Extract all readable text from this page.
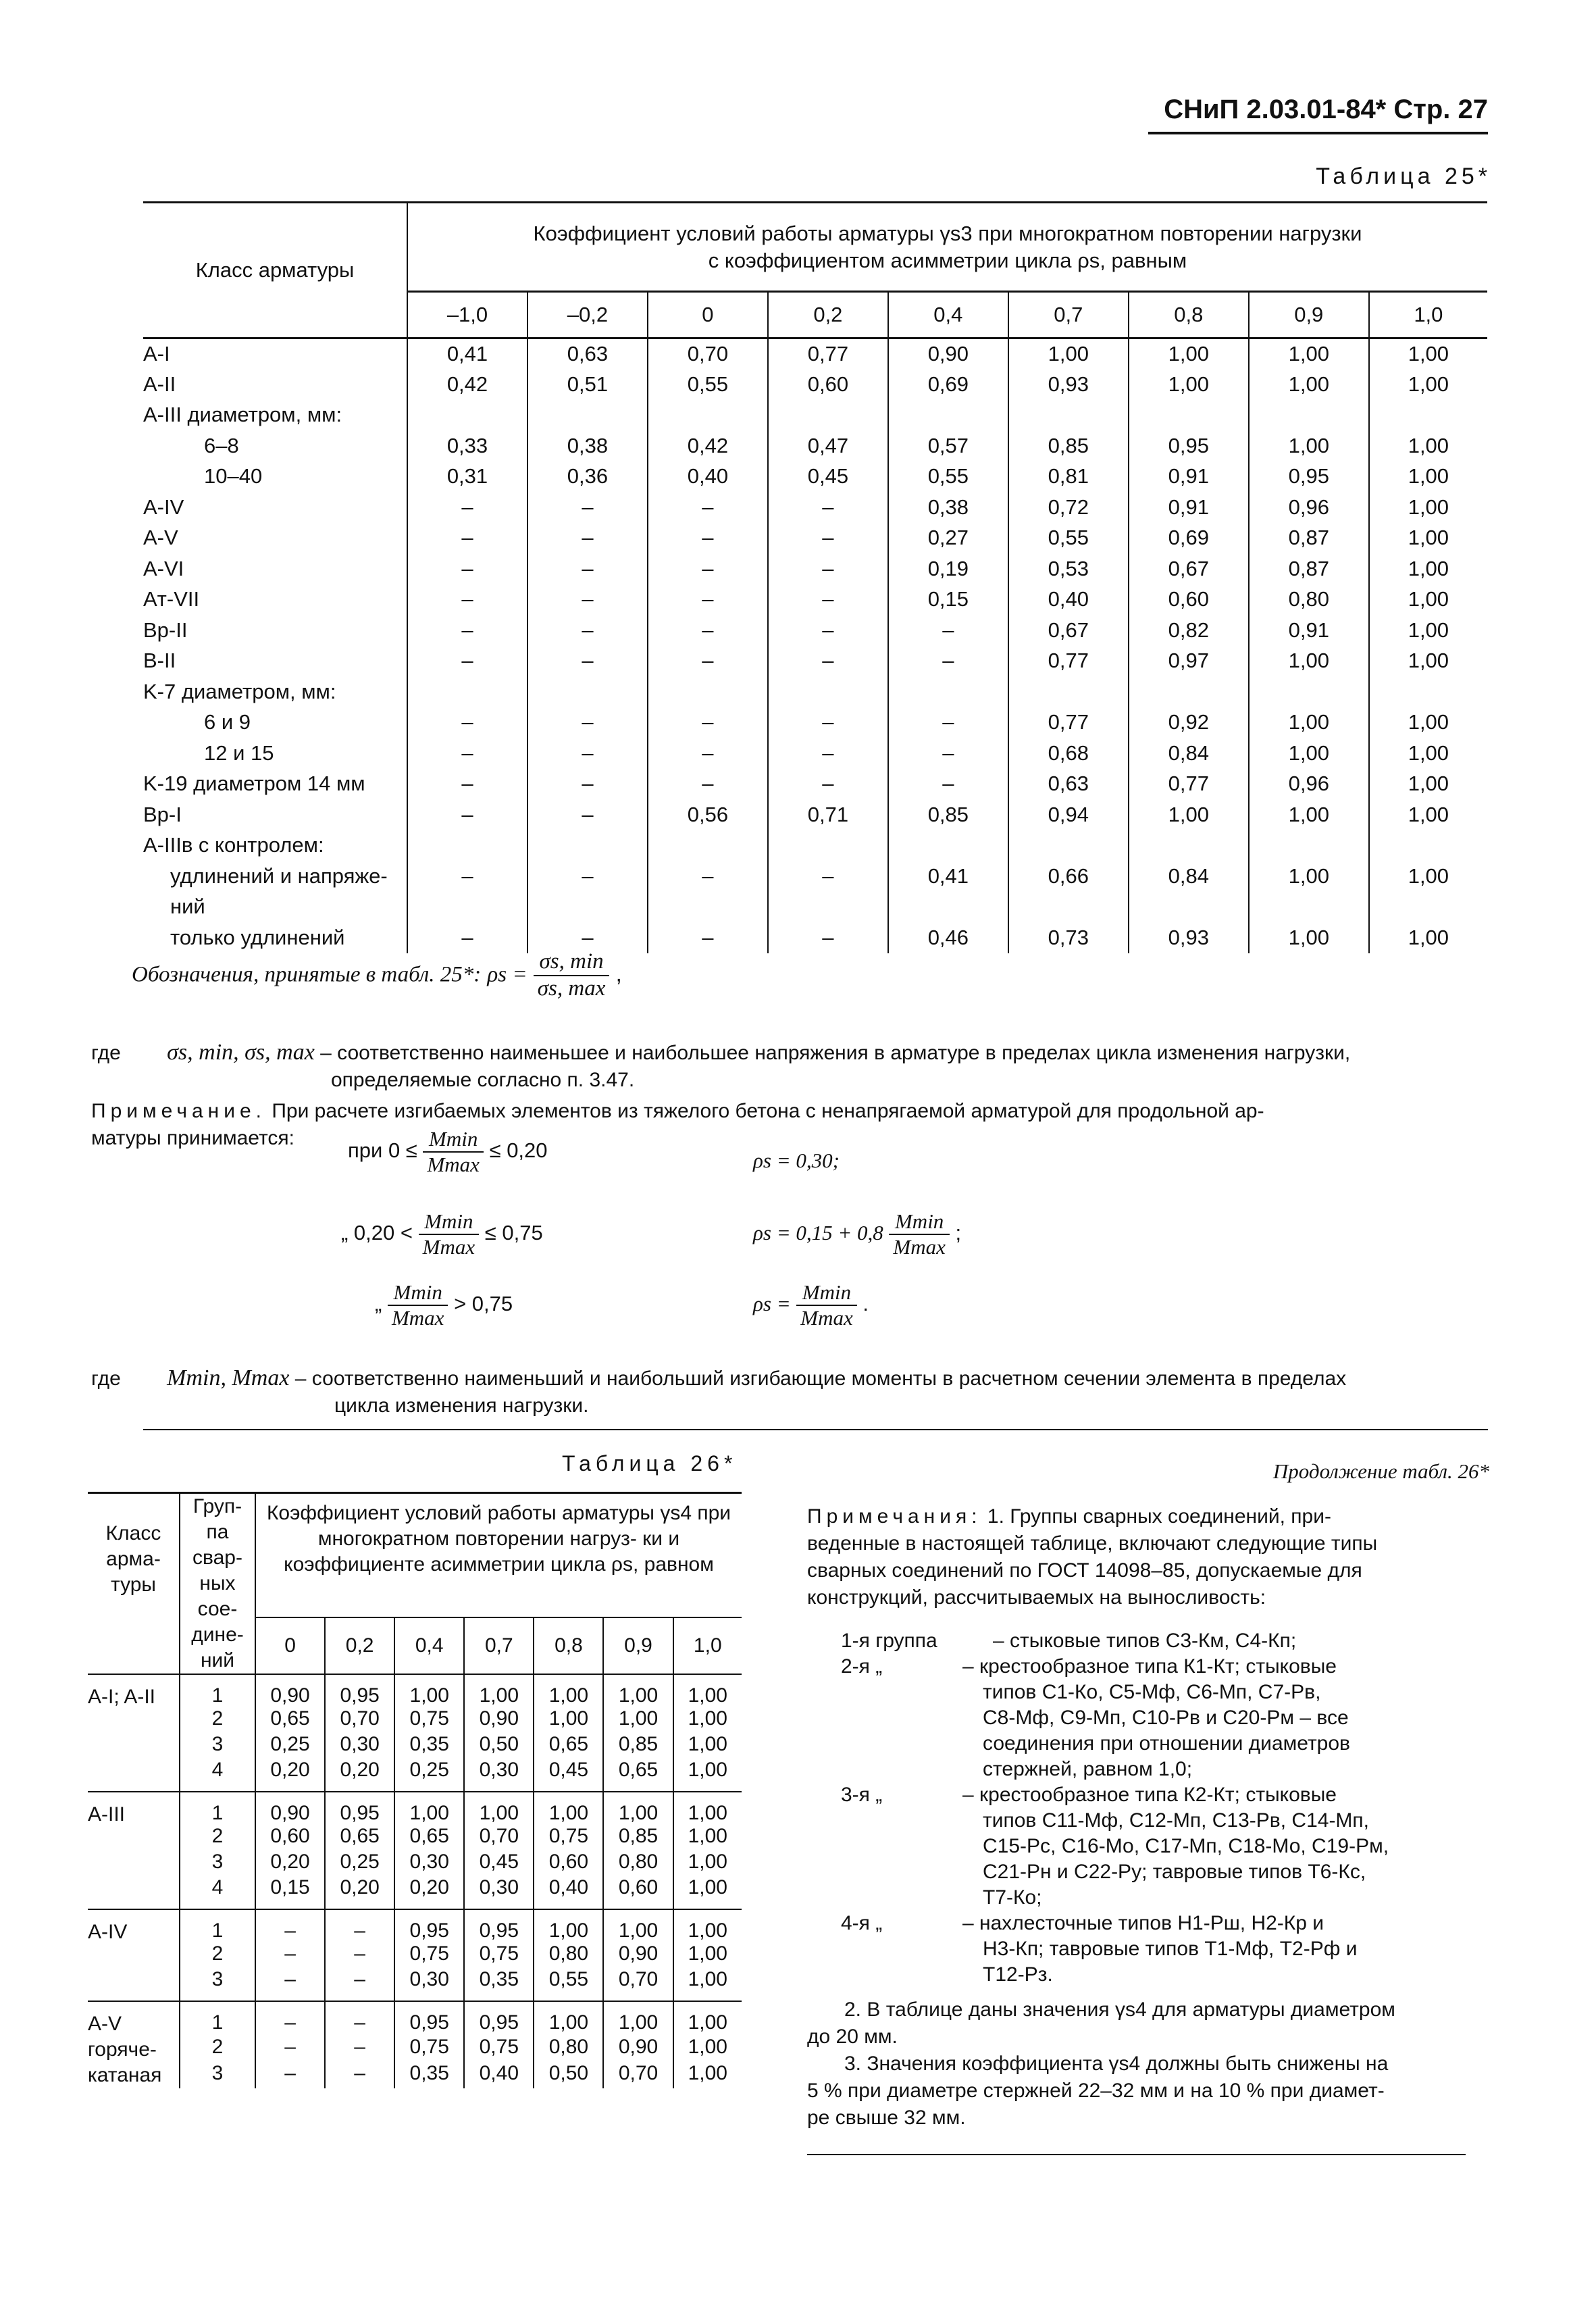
СНиП 2.03.01-84* Стр. 27
Таблица 25*
Класс арматуры	Коэффициент условий работы арматуры γs3 при многократном повторении нагрузки
с коэффициентом асимметрии цикла ρs, равным								

	–1,0	–0,2	0	0,2	0,4	0,7	0,8	0,9	1,0
A-I	0,41	0,63	0,70	0,77	0,90	1,00	1,00	1,00	1,00
A-II	0,42	0,51	0,55	0,60	0,69	0,93	1,00	1,00	1,00
A-III диаметром, мм:									
6–8	0,33	0,38	0,42	0,47	0,57	0,85	0,95	1,00	1,00
10–40	0,31	0,36	0,40	0,45	0,55	0,81	0,91	0,95	1,00
A-IV	–	–	–	–	0,38	0,72	0,91	0,96	1,00
A-V	–	–	–	–	0,27	0,55	0,69	0,87	1,00
A-VI	–	–	–	–	0,19	0,53	0,67	0,87	1,00
Aт-VII	–	–	–	–	0,15	0,40	0,60	0,80	1,00
Bp-II	–	–	–	–	–	0,67	0,82	0,91	1,00
B-II	–	–	–	–	–	0,77	0,97	1,00	1,00
K-7 диаметром, мм:									
6 и 9	–	–	–	–	–	0,77	0,92	1,00	1,00
12 и 15	–	–	–	–	–	0,68	0,84	1,00	1,00
K-19 диаметром 14 мм	–	–	–	–	–	0,63	0,77	0,96	1,00
Bp-I	–	–	0,56	0,71	0,85	0,94	1,00	1,00	1,00
A-IIIв с контролем:									
удлинений и напряже-	–	–	–	–	0,41	0,66	0,84	1,00	1,00
ний									
только удлинений	–	–	–	–	0,46	0,73	0,93	1,00	1,00
Обозначения, принятые в табл. 25*: $\rho s = \frac{\sigma s, \min}{\sigma s, \max}$ ,
где σs, min, σs, max – соответственно наименьшее и наибольшее напряжения в арматуре в пределах цикла изменения нагрузки,
определяемые согласно п. 3.47.
Примечание. При расчете изгибаемых элементов из тяжелого бетона с ненапрягаемой арматурой для продольной ар-
матуры принимается:
при $0 \le \frac{Mmin}{Mmax} \le 0,20$	ρs = 0,30;
„ $0,20 < \frac{Mmin}{Mmax} \le 0,75$	$\rho s = 0,15 + 0,8 \frac{Mmin}{Mmax}$ ;
„ $\frac{Mmin}{Mmax} > 0,75$	$\rho s = \frac{Mmin}{Mmax}$ .
где Mmin, Mmax – соответственно наименьший и наибольший изгибающие моменты в расчетном сечении элемента в пределах
цикла изменения нагрузки.
Таблица 26*	Продолжение табл. 26*
Класс арма- туры	Груп- па свар- ных сое- дине- ний	Коэффициент условий работы арматуры γs4 при многократном повторении нагруз- ки и коэффициенте асимметрии цикла ρs, равном						
		0	0,2	0,4	0,7	0,8	0,9	1,0
A-I; A-II	1	0,90	0,95	1,00	1,00	1,00	1,00	1,00
	2	0,65	0,70	0,75	0,90	1,00	1,00	1,00
	3	0,25	0,30	0,35	0,50	0,65	0,85	1,00
	4	0,20	0,20	0,25	0,30	0,45	0,65	1,00
A-III	1	0,90	0,95	1,00	1,00	1,00	1,00	1,00
	2	0,60	0,65	0,65	0,70	0,75	0,85	1,00
	3	0,20	0,25	0,30	0,45	0,60	0,80	1,00
	4	0,15	0,20	0,20	0,30	0,40	0,60	1,00
A-IV	1	–	–	0,95	0,95	1,00	1,00	1,00
	2	–	–	0,75	0,75	0,80	0,90	1,00
	3	–	–	0,30	0,35	0,55	0,70	1,00
A-V горяче- катаная	1	–	–	0,95	0,95	1,00	1,00	1,00
	2	–	–	0,75	0,75	0,80	0,90	1,00
	3	–	–	0,35	0,40	0,50	0,70	1,00
Примечания: 1. Группы сварных соединений, при-
веденные в настоящей таблице, включают следующие типы
сварных соединений по ГОСТ 14098–85, допускаемые для
конструкций, рассчитываемых на выносливость:
1-я группа	– стыковые типов С3-Км, С4-Кп;
2-я „	– крестообразное типа К1-Кт; стыковые
типов С1-Ко, С5-Мф, С6-Мп, С7-Рв,
С8-Мф, С9-Мп, С10-Рв и С20-Рм – все
соединения при отношении диаметров
стержней, равном 1,0;
3-я „	– крестообразное типа К2-Кт; стыковые
типов С11-Мф, С12-Мп, С13-Рв, С14-Мп,
С15-Рс, С16-Мо, С17-Мп, С18-Мо, С19-Рм,
С21-Рн и С22-Ру; тавровые типов Т6-Кс,
Т7-Ко;
4-я „	– нахлесточные типов Н1-Рш, Н2-Кр и
Н3-Кп; тавровые типов Т1-Мф, Т2-Рф и
Т12-Рз.
2. В таблице даны значения γs4 для арматуры диаметром
до 20 мм.
3. Значения коэффициента γs4 должны быть снижены на
5 % при диаметре стержней 22–32 мм и на 10 % при диамет-
ре свыше 32 мм.
